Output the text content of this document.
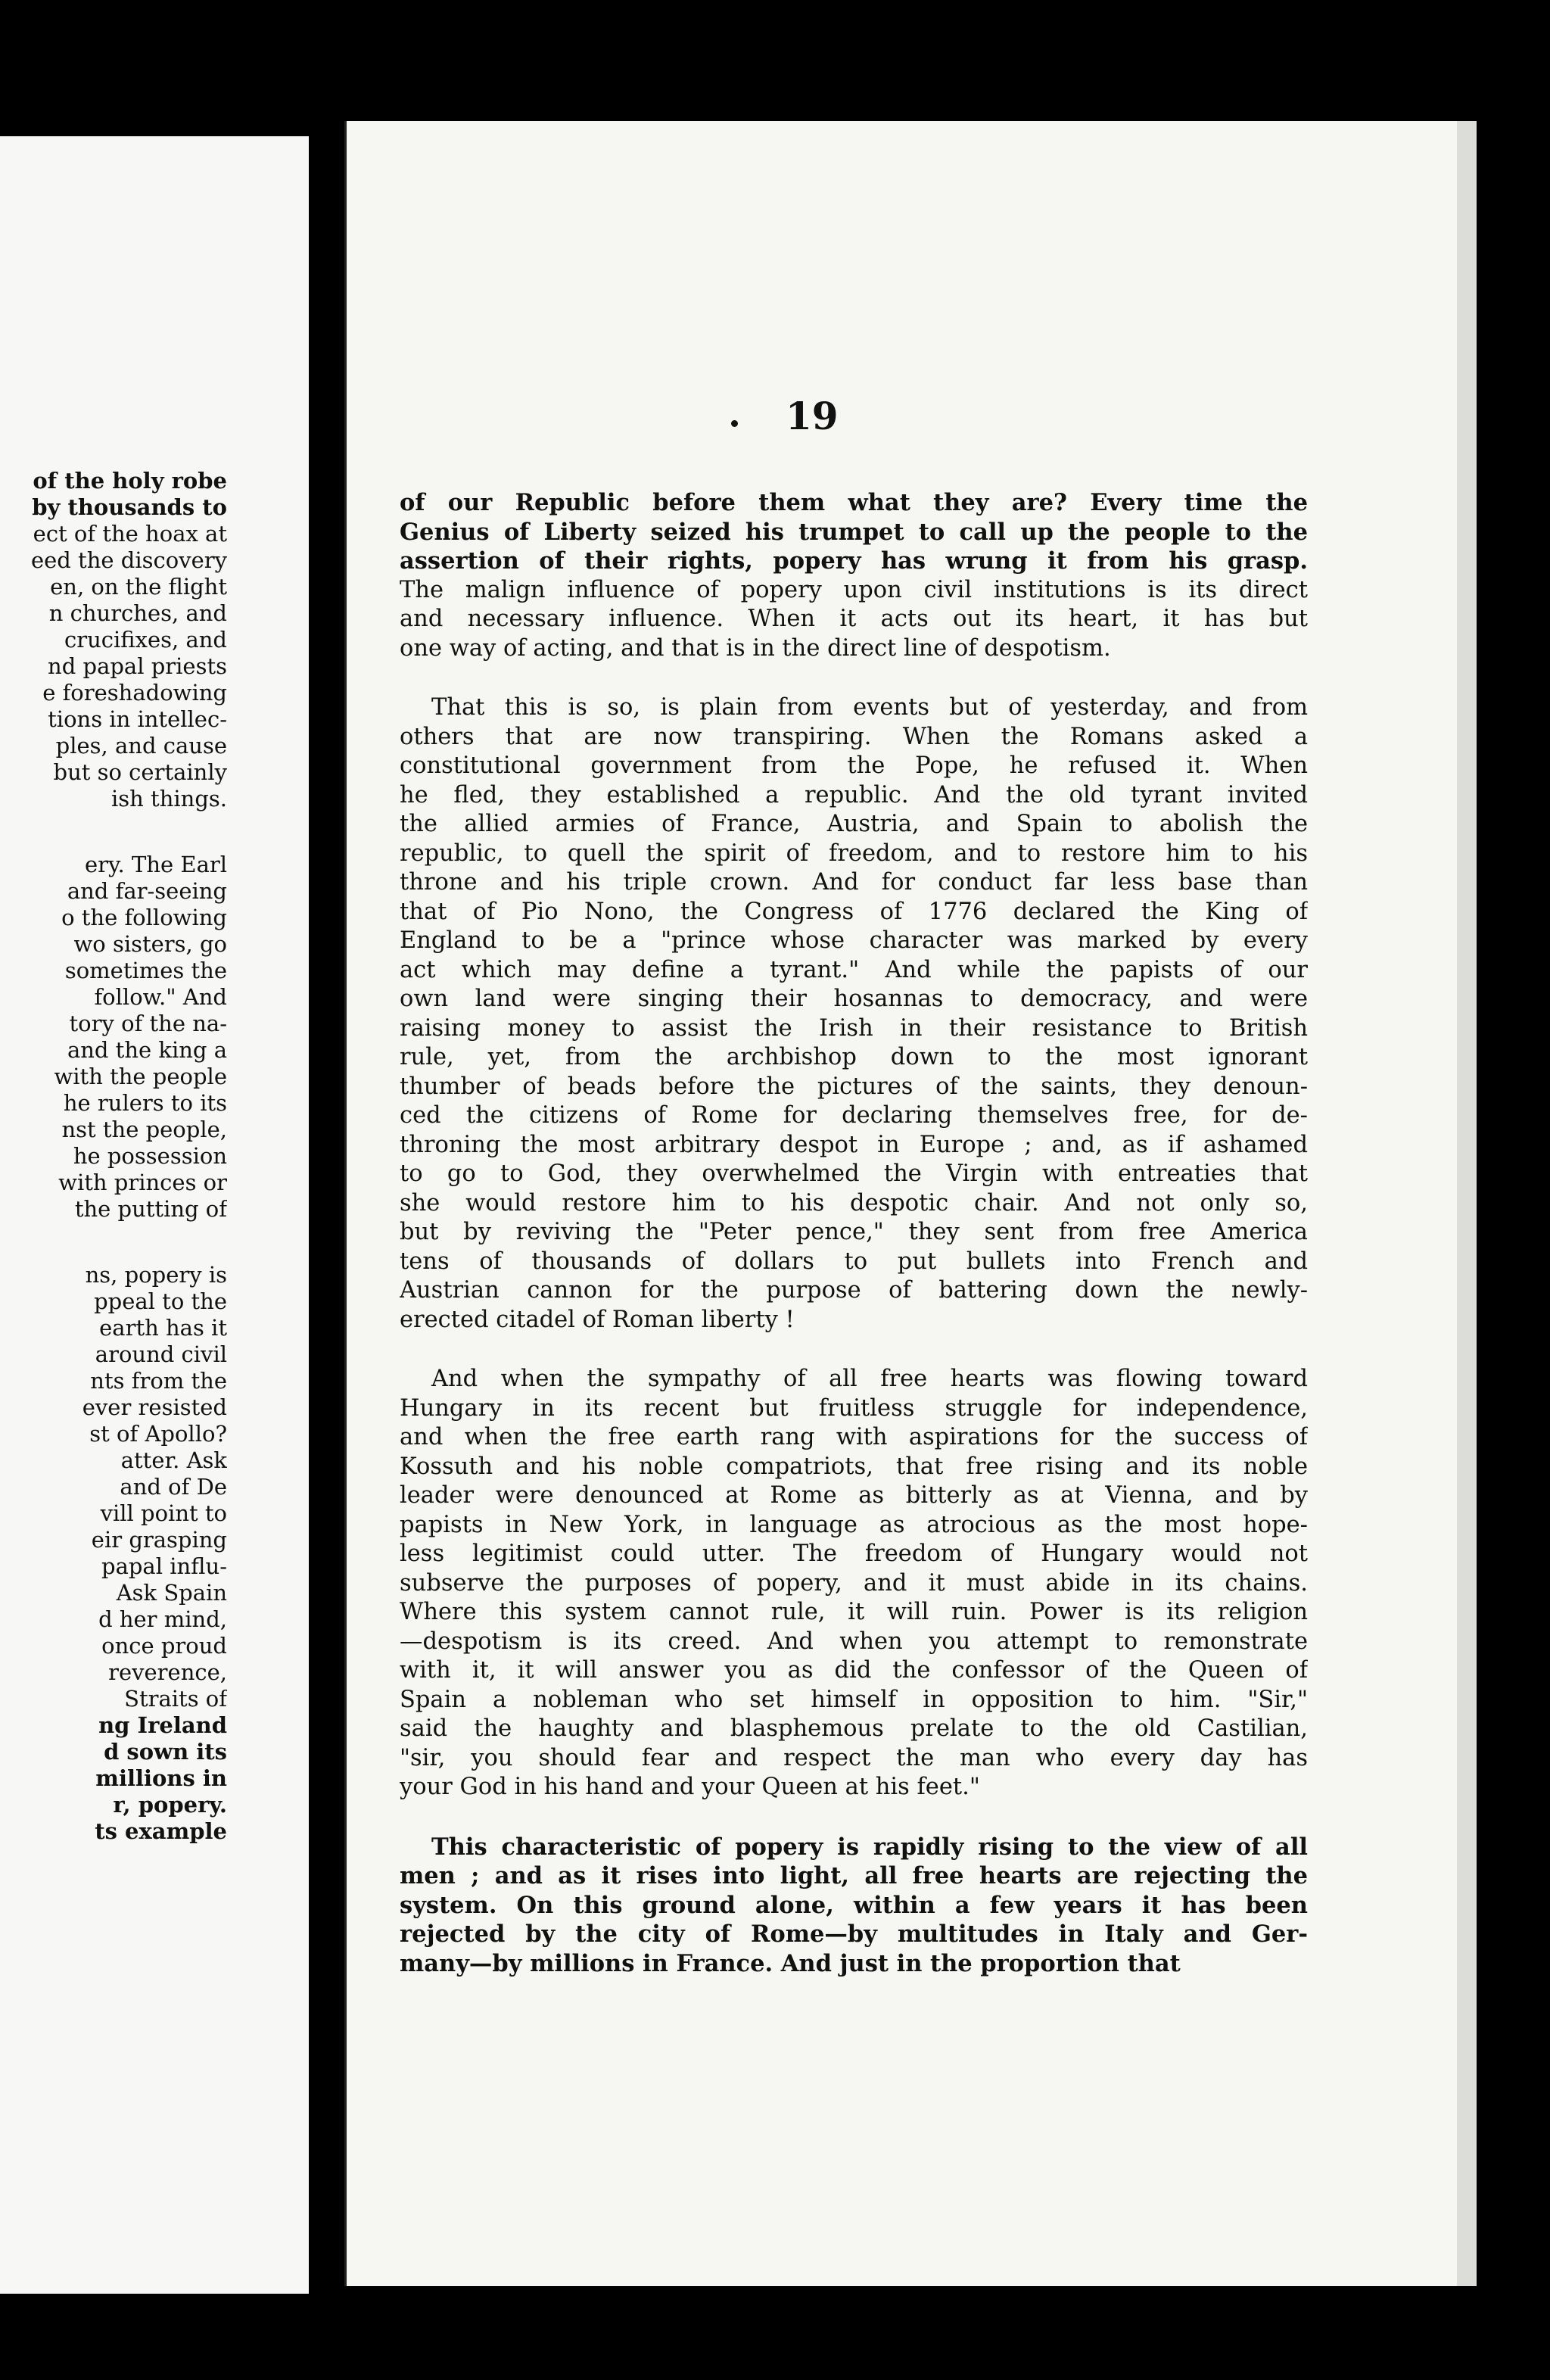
of the holy robe
by thousands to
ect of the hoax at
eed the discovery
en, on the flight
n churches, and
crucifixes, and
nd papal priests
e foreshadowing
tions in intellec-
ples, and cause
but so certainly
ish things.
ery. The Earl
and far-seeing
o the following
wo sisters, go
sometimes the
follow." And
tory of the na-
and the king a
with the people
he rulers to its
nst the people,
he possession
with princes or
the putting of
ns, popery is
ppeal to the
earth has it
around civil
nts from the
ever resisted
st of Apollo?
atter. Ask
and of De
vill point to
eir grasping
papal influ-
Ask Spain
d her mind,
once proud
reverence,
Straits of
ng Ireland
d sown its
millions in
r, popery.
ts example
19
of our Republic before them what they are? Every time the
Genius of Liberty seized his trumpet to call up the people to the
assertion of their rights, popery has wrung it from his grasp.
The malign influence of popery upon civil institutions is its direct
and necessary influence. When it acts out its heart, it has but
one way of acting, and that is in the direct line of despotism.
That this is so, is plain from events but of yesterday, and from
others that are now transpiring. When the Romans asked a
constitutional government from the Pope, he refused it. When
he fled, they established a republic. And the old tyrant invited
the allied armies of France, Austria, and Spain to abolish the
republic, to quell the spirit of freedom, and to restore him to his
throne and his triple crown. And for conduct far less base than
that of Pio Nono, the Congress of 1776 declared the King of
England to be a "prince whose character was marked by every
act which may define a tyrant." And while the papists of our
own land were singing their hosannas to democracy, and were
raising money to assist the Irish in their resistance to British
rule, yet, from the archbishop down to the most ignorant
thumber of beads before the pictures of the saints, they denoun-
ced the citizens of Rome for declaring themselves free, for de-
throning the most arbitrary despot in Europe ; and, as if ashamed
to go to God, they overwhelmed the Virgin with entreaties that
she would restore him to his despotic chair. And not only so,
but by reviving the "Peter pence," they sent from free America
tens of thousands of dollars to put bullets into French and
Austrian cannon for the purpose of battering down the newly-
erected citadel of Roman liberty !
And when the sympathy of all free hearts was flowing toward
Hungary in its recent but fruitless struggle for independence,
and when the free earth rang with aspirations for the success of
Kossuth and his noble compatriots, that free rising and its noble
leader were denounced at Rome as bitterly as at Vienna, and by
papists in New York, in language as atrocious as the most hope-
less legitimist could utter. The freedom of Hungary would not
subserve the purposes of popery, and it must abide in its chains.
Where this system cannot rule, it will ruin. Power is its religion
—despotism is its creed. And when you attempt to remonstrate
with it, it will answer you as did the confessor of the Queen of
Spain a nobleman who set himself in opposition to him. "Sir,"
said the haughty and blasphemous prelate to the old Castilian,
"sir, you should fear and respect the man who every day has
your God in his hand and your Queen at his feet."
This characteristic of popery is rapidly rising to the view of all
men ; and as it rises into light, all free hearts are rejecting the
system. On this ground alone, within a few years it has been
rejected by the city of Rome—by multitudes in Italy and Ger-
many—by millions in France. And just in the proportion that
